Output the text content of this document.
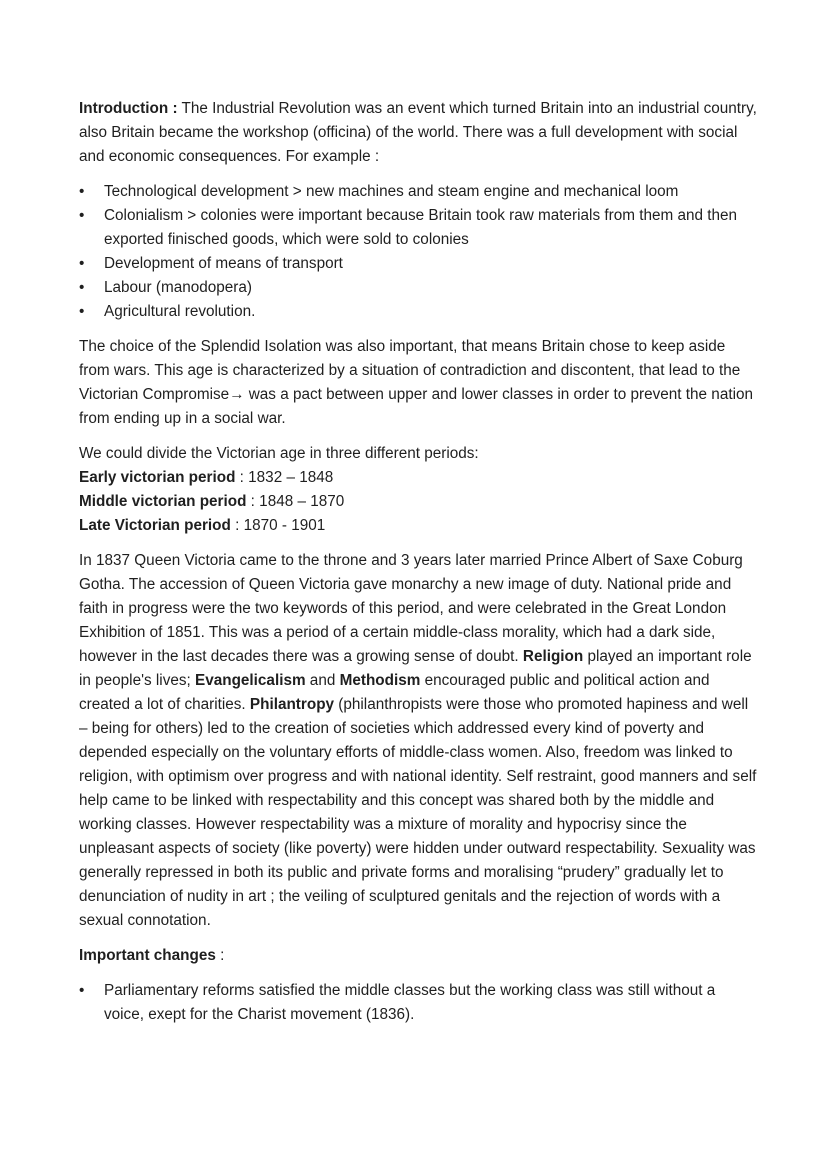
Introduction : The Industrial Revolution was an event which turned Britain into an industrial country, also Britain became the workshop (officina) of the world. There was a full development with social and economic consequences. For example :

• Technological development > new machines and steam engine and mechanical loom
• Colonialism > colonies were important because Britain took raw materials from them and then exported finisched goods, which were sold to colonies
• Development of means of transport
• Labour (manodopera)
• Agricultural revolution.

The choice of the Splendid Isolation was also important, that means Britain chose to keep aside from wars. This age is characterized by a situation of contradiction and discontent, that lead to the Victorian Compromise→ was a pact between upper and lower classes in order to prevent the nation from ending up in a social war.

We could divide the Victorian age in three different periods:
Early victorian period : 1832 – 1848
Middle victorian period : 1848 – 1870
Late Victorian period : 1870 - 1901

In 1837 Queen Victoria came to the throne and 3 years later married Prince Albert of Saxe Coburg Gotha. The accession of Queen Victoria gave monarchy a new image of duty. National pride and faith in progress were the two keywords of this period, and were celebrated in the Great London Exhibition of 1851. This was a period of a certain middle-class morality, which had a dark side, however in the last decades there was a growing sense of doubt. Religion played an important role in people's lives; Evangelicalism and Methodism encouraged public and political action and created a lot of charities. Philantropy (philanthropists were those who promoted hapiness and well – being for others) led to the creation of societies which addressed every kind of poverty and depended especially on the voluntary efforts of middle-class women. Also, freedom was linked to religion, with optimism over progress and with national identity. Self restraint, good manners and self help came to be linked with respectability and this concept was shared both by the middle and working classes. However respectability was a mixture of morality and hypocrisy since the unpleasant aspects of society (like poverty) were hidden under outward respectability. Sexuality was generally repressed in both its public and private forms and moralising “prudery” gradually let to denunciation of nudity in art ; the veiling of sculptured genitals and the rejection of words with a sexual connotation.

Important changes :

• Parliamentary reforms satisfied the middle classes but the working class was still without a voice, exept for the Charist movement (1836).
